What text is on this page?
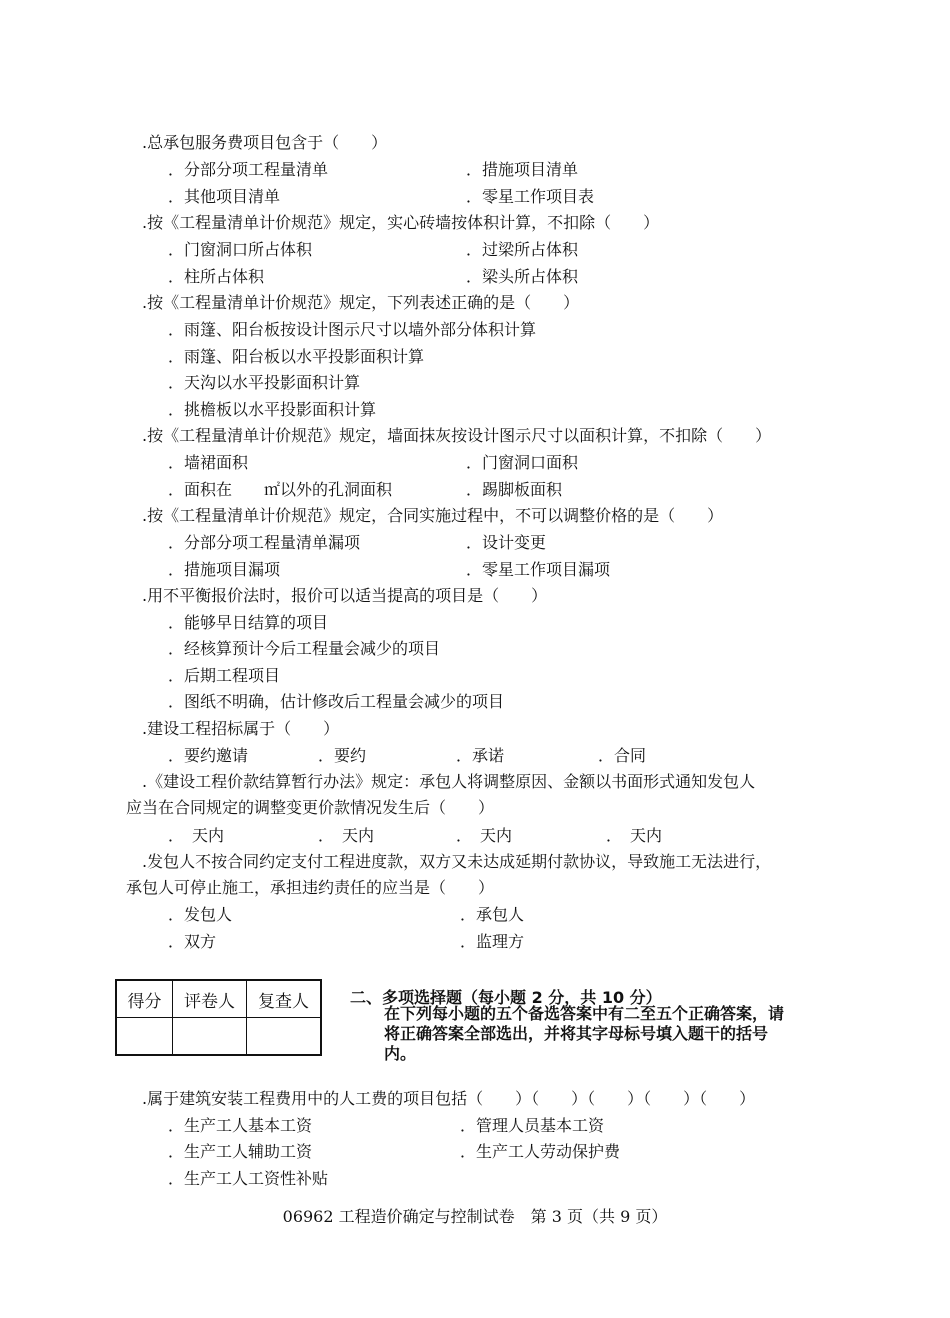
.总承包服务费项目包含于（　　）
．分部分项工程量清单	．措施项目清单
．其他项目清单	．零星工作项目表
.按《工程量清单计价规范》规定，实心砖墙按体积计算，不扣除（　　）
．门窗洞口所占体积	．过梁所占体积
．柱所占体积	．梁头所占体积
.按《工程量清单计价规范》规定，下列表述正确的是（　　）
．雨篷、阳台板按设计图示尺寸以墙外部分体积计算
．雨篷、阳台板以水平投影面积计算
．天沟以水平投影面积计算
．挑檐板以水平投影面积计算
.按《工程量清单计价规范》规定，墙面抹灰按设计图示尺寸以面积计算，不扣除（　　）
．墙裙面积	．门窗洞口面积
．面积在　　㎡以外的孔洞面积	．踢脚板面积
.按《工程量清单计价规范》规定，合同实施过程中，不可以调整价格的是（　　）
．分部分项工程量清单漏项	．设计变更
．措施项目漏项	．零星工作项目漏项
.用不平衡报价法时，报价可以适当提高的项目是（　　）
．能够早日结算的项目
．经核算预计今后工程量会减少的项目
．后期工程项目
．图纸不明确，估计修改后工程量会减少的项目
.建设工程招标属于（　　）
．要约邀请	．要约	．承诺	．合同
.《建设工程价款结算暂行办法》规定：承包人将调整原因、金额以书面形式通知发包人
应当在合同规定的调整变更价款情况发生后（　　）
．　天内	．　天内	．　天内	．　天内
.发包人不按合同约定支付工程进度款，双方又未达成延期付款协议，导致施工无法进行，
承包人可停止施工，承担违约责任的应当是（　　）
．发包人	．承包人
．双方	．监理方
得分	评卷人	复查人
			二、多项选择题（每小题 2 分，共 10 分）
在下列每小题的五个备选答案中有二至五个正确答案，请将正确答案全部选出，并将其字母标号填入题干的括号内。
.属于建筑安装工程费用中的人工费的项目包括（　　）（　　）（　　）（　　）（　　）
．生产工人基本工资	．管理人员基本工资
．生产工人辅助工资	．生产工人劳动保护费
．生产工人工资性补贴
06962 工程造价确定与控制试卷　第 3 页（共 9 页）
